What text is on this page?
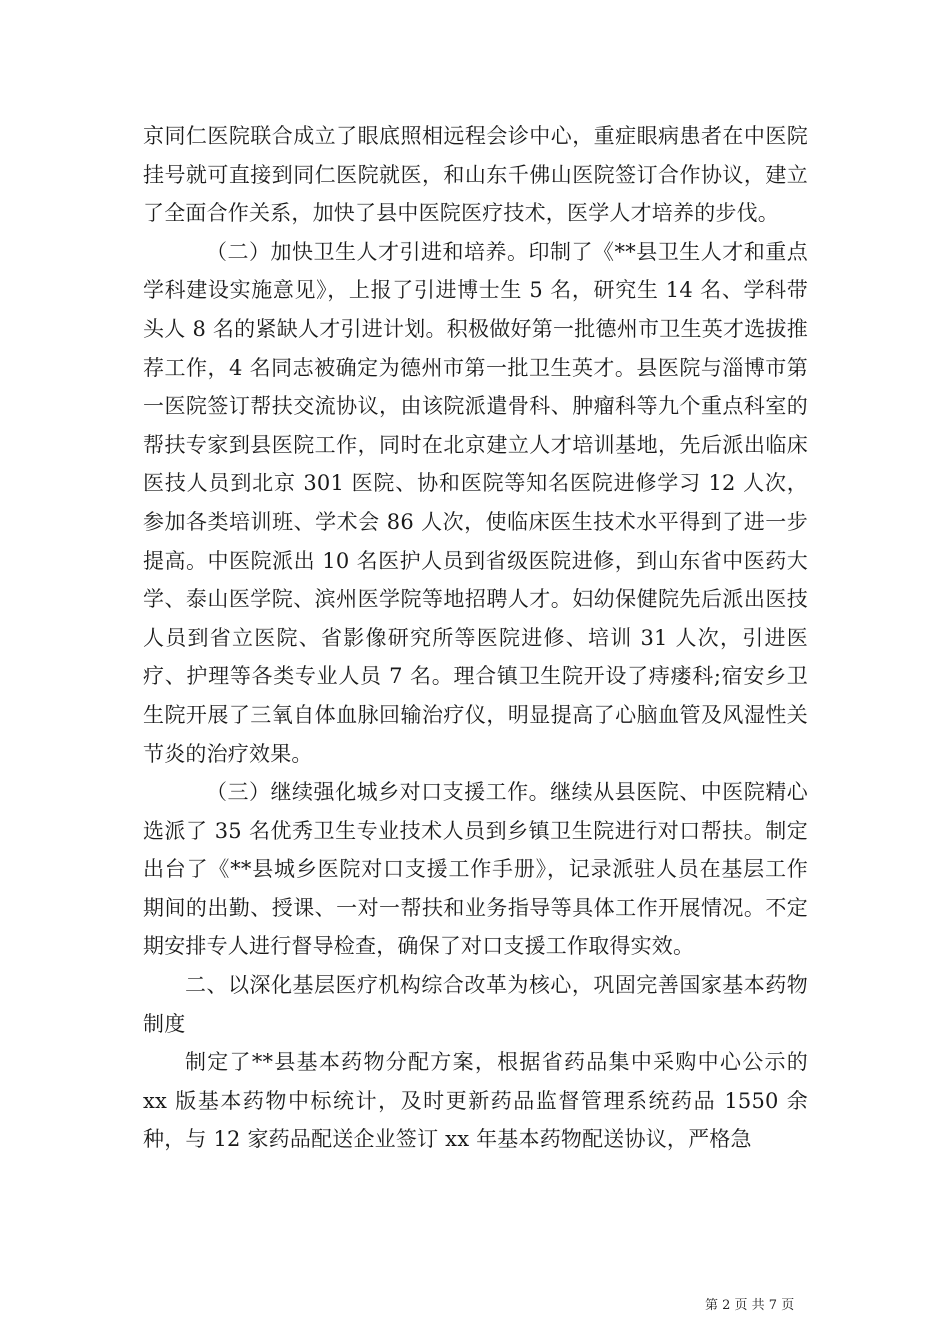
京同仁医院联合成立了眼底照相远程会诊中心，重症眼病患者在中医院挂号就可直接到同仁医院就医，和山东千佛山医院签订合作协议，建立了全面合作关系，加快了县中医院医疗技术，医学人才培养的步伐。

（二）加快卫生人才引进和培养。印制了《**县卫生人才和重点学科建设实施意见》，上报了引进博士生 5 名，研究生 14 名、学科带头人 8 名的紧缺人才引进计划。积极做好第一批德州市卫生英才选拔推荐工作，4 名同志被确定为德州市第一批卫生英才。县医院与淄博市第一医院签订帮扶交流协议，由该院派遣骨科、肿瘤科等九个重点科室的帮扶专家到县医院工作，同时在北京建立人才培训基地，先后派出临床医技人员到北京 301 医院、协和医院等知名医院进修学习 12 人次，参加各类培训班、学术会 86 人次，使临床医生技术水平得到了进一步提高。中医院派出 10 名医护人员到省级医院进修，到山东省中医药大学、泰山医学院、滨州医学院等地招聘人才。妇幼保健院先后派出医技人员到省立医院、省影像研究所等医院进修、培训 31 人次，引进医疗、护理等各类专业人员 7 名。理合镇卫生院开设了痔瘘科;宿安乡卫生院开展了三氧自体血脉回输治疗仪，明显提高了心脑血管及风湿性关节炎的治疗效果。

（三）继续强化城乡对口支援工作。继续从县医院、中医院精心选派了 35 名优秀卫生专业技术人员到乡镇卫生院进行对口帮扶。制定出台了《**县城乡医院对口支援工作手册》，记录派驻人员在基层工作期间的出勤、授课、一对一帮扶和业务指导等具体工作开展情况。不定期安排专人进行督导检查，确保了对口支援工作取得实效。

二、以深化基层医疗机构综合改革为核心，巩固完善国家基本药物制度

制定了**县基本药物分配方案，根据省药品集中采购中心公示的 xx 版基本药物中标统计，及时更新药品监督管理系统药品 1550 余种，与 12 家药品配送企业签订 xx 年基本药物配送协议，严格急

第 2 页 共 7 页
